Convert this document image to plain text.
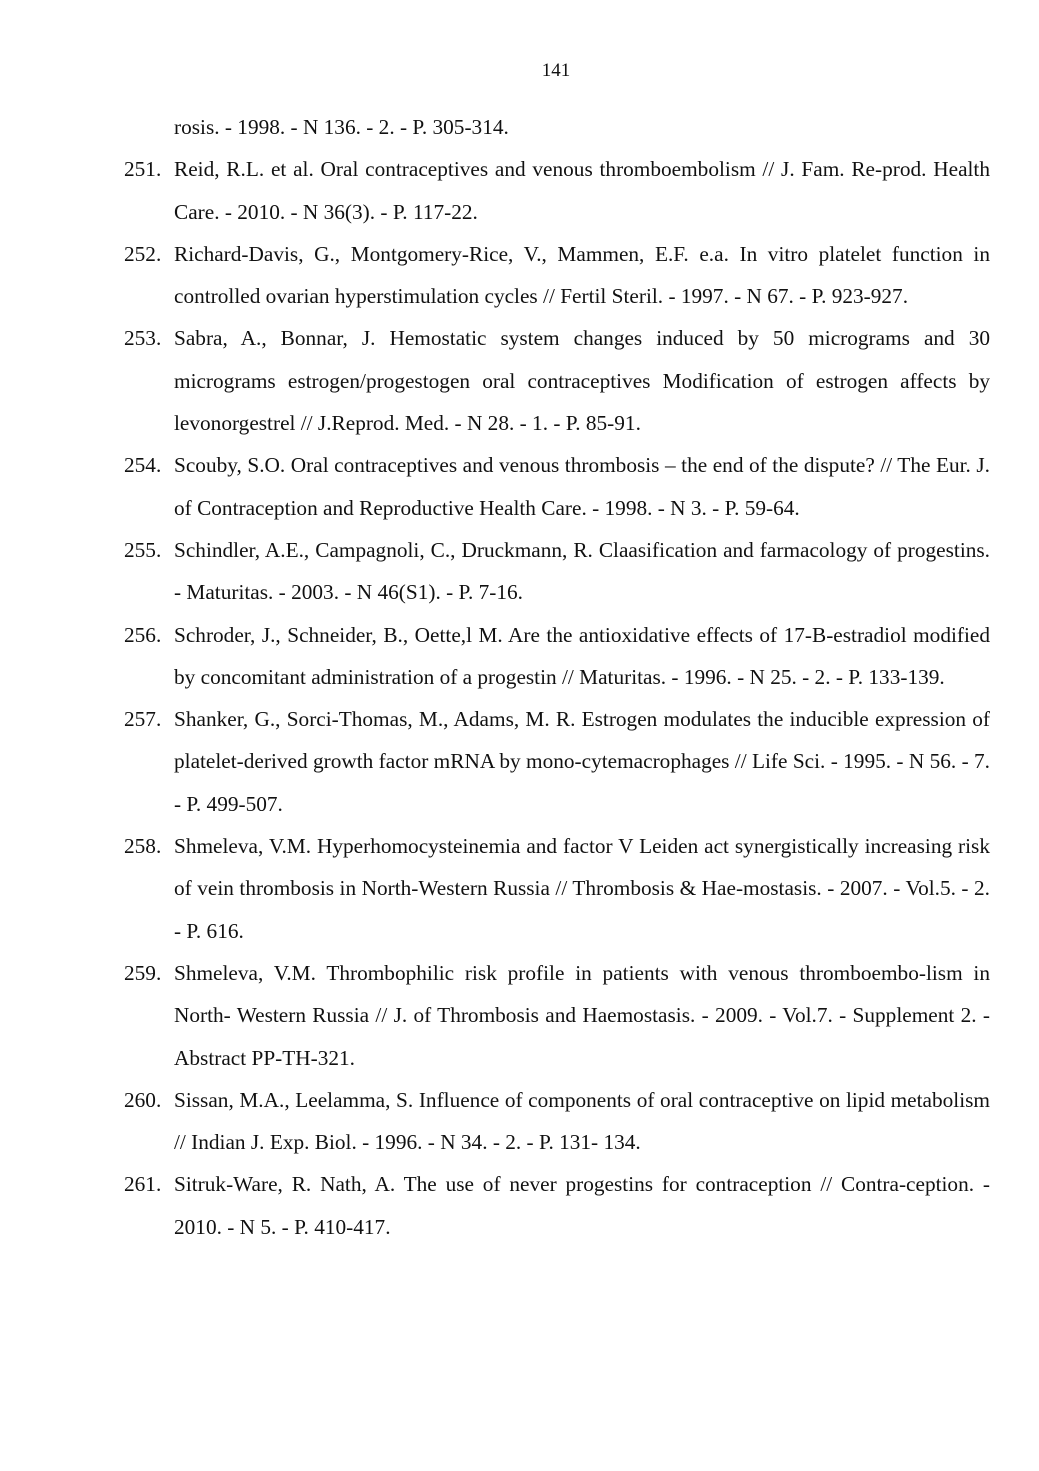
141
rosis. - 1998. - N 136. - 2. - P. 305-314.
251. Reid, R.L. et al. Oral contraceptives and venous thromboembolism // J. Fam. Re-prod. Health Care. - 2010. - N 36(3). - P. 117-22.
252. Richard-Davis, G., Montgomery-Rice, V., Mammen, E.F. e.a. In vitro platelet function in controlled ovarian hyperstimulation cycles // Fertil Steril. - 1997. - N 67. - P. 923-927.
253. Sabra, A., Bonnar, J. Hemostatic system changes induced by 50 micrograms and 30 micrograms estrogen/progestogen oral contraceptives Modification of estrogen affects by levonorgestrel // J.Reprod. Med. - N 28. - 1. - P. 85-91.
254. Scouby, S.O. Oral contraceptives and venous thrombosis – the end of the dispute? // The Eur. J. of Contraception and Reproductive Health Care. - 1998. - N 3. - P. 59-64.
255. Schindler, A.E., Campagnoli, C., Druckmann, R. Claasification and farmacology of progestins. - Maturitas. - 2003. - N 46(S1). - P. 7-16.
256. Schroder, J., Schneider, B., Oette,l M. Are the antioxidative effects of 17-B-estradiol modified by concomitant administration of a progestin // Maturitas. - 1996. - N 25. - 2. - P. 133-139.
257. Shanker, G., Sorci-Thomas, M., Adams, M. R. Estrogen modulates the inducible expression of platelet-derived growth factor mRNA by mono-cytemacrophages // Life Sci. - 1995. - N 56. - 7. - P. 499-507.
258. Shmeleva, V.M. Hyperhomocysteinemia and factor V Leiden act synergistically increasing risk of vein thrombosis in North-Western Russia // Thrombosis & Hae-mostasis. - 2007. - Vol.5. - 2. - P. 616.
259. Shmeleva, V.M. Thrombophilic risk profile in patients with venous thromboembo-lism in North- Western Russia // J. of Thrombosis and Haemostasis. - 2009. - Vol.7. - Supplement 2. - Abstract PP-TH-321.
260. Sissan, M.A., Leelamma, S. Influence of components of oral contraceptive on lipid metabolism // Indian J. Exp. Biol. - 1996. - N 34. - 2. - P. 131- 134.
261. Sitruk-Ware, R. Nath, A. The use of never progestins for contraception // Contra-ception. - 2010. - N 5. - P. 410-417.
